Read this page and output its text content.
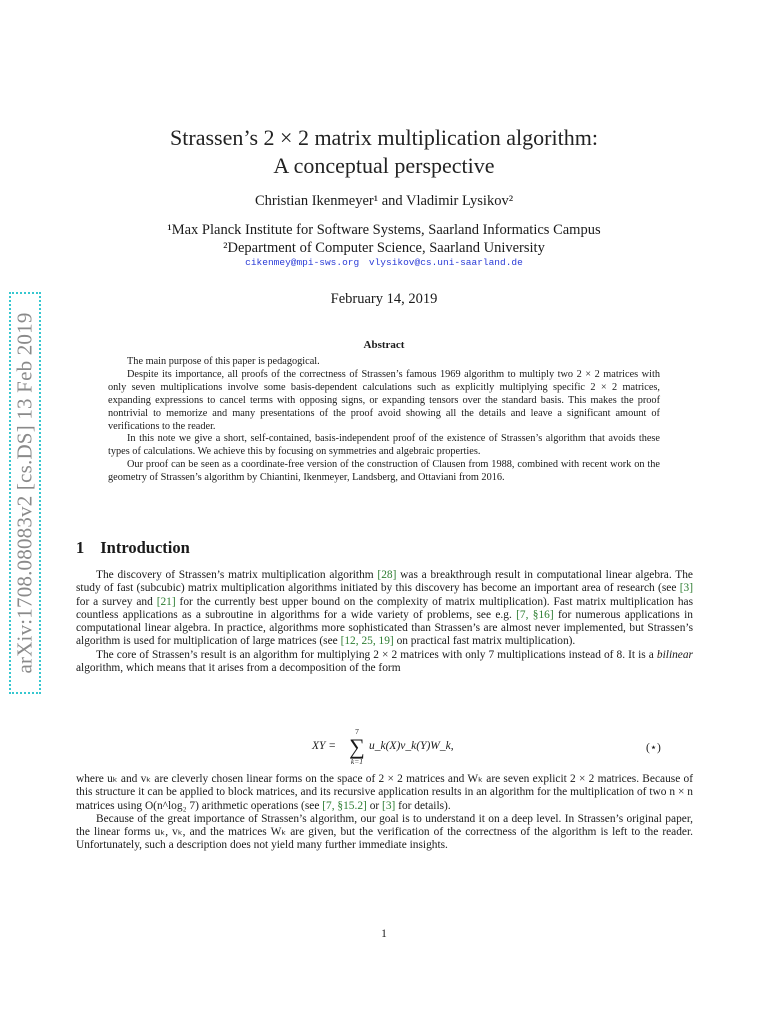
arXiv:1708.08083v2 [cs.DS] 13 Feb 2019
Strassen’s 2 × 2 matrix multiplication algorithm:
A conceptual perspective
Christian Ikenmeyer¹ and Vladimir Lysikov²
¹Max Planck Institute for Software Systems, Saarland Informatics Campus
²Department of Computer Science, Saarland University
cikenmey@mpi-sws.org vlysikov@cs.uni-saarland.de
February 14, 2019
Abstract

The main purpose of this paper is pedagogical.

Despite its importance, all proofs of the correctness of Strassen’s famous 1969 algorithm to multiply two 2 × 2 matrices with only seven multiplications involve some basis-dependent calculations such as explicitly multiplying specific 2 × 2 matrices, expanding expressions to cancel terms with opposing signs, or expanding tensors over the standard basis. This makes the proof nontrivial to memorize and many presentations of the proof avoid showing all the details and leave a significant amount of verifications to the reader.

In this note we give a short, self-contained, basis-independent proof of the existence of Strassen’s algorithm that avoids these types of calculations. We achieve this by focusing on symmetries and algebraic properties.

Our proof can be seen as a coordinate-free version of the construction of Clausen from 1988, combined with recent work on the geometry of Strassen’s algorithm by Chiantini, Ikenmeyer, Landsberg, and Ottaviani from 2016.

1 Introduction

The discovery of Strassen’s matrix multiplication algorithm [28] was a breakthrough result in computational linear algebra. The study of fast (subcubic) matrix multiplication algorithms initiated by this discovery has become an important area of research (see [3] for a survey and [21] for the currently best upper bound on the complexity of matrix multiplication). Fast matrix multiplication has countless applications as a subroutine in algorithms for a wide variety of problems, see e.g. [7, §16] for numerous applications in computational linear algebra. In practice, algorithms more sophisticated than Strassen’s are almost never implemented, but Strassen’s algorithm is used for multiplication of large matrices (see [12, 25, 19] on practical fast matrix multiplication).

The core of Strassen’s result is an algorithm for multiplying 2 × 2 matrices with only 7 multiplications instead of 8. It is a bilinear algorithm, which means that it arises from a decomposition of the form

XY =
7
∑
k=1
u_k(X)v_k(Y)W_k,	(⋆)

where uₖ and vₖ are cleverly chosen linear forms on the space of 2 × 2 matrices and Wₖ are seven explicit 2 × 2 matrices. Because of this structure it can be applied to block matrices, and its recursive application results in an algorithm for the multiplication of two n × n matrices using O(n^log₂ 7) arithmetic operations (see [7, §15.2] or [3] for details).

Because of the great importance of Strassen’s algorithm, our goal is to understand it on a deep level. In Strassen’s original paper, the linear forms uₖ, vₖ, and the matrices Wₖ are given, but the verification of the correctness of the algorithm is left to the reader. Unfortunately, such a description does not yield many further immediate insights.

1
